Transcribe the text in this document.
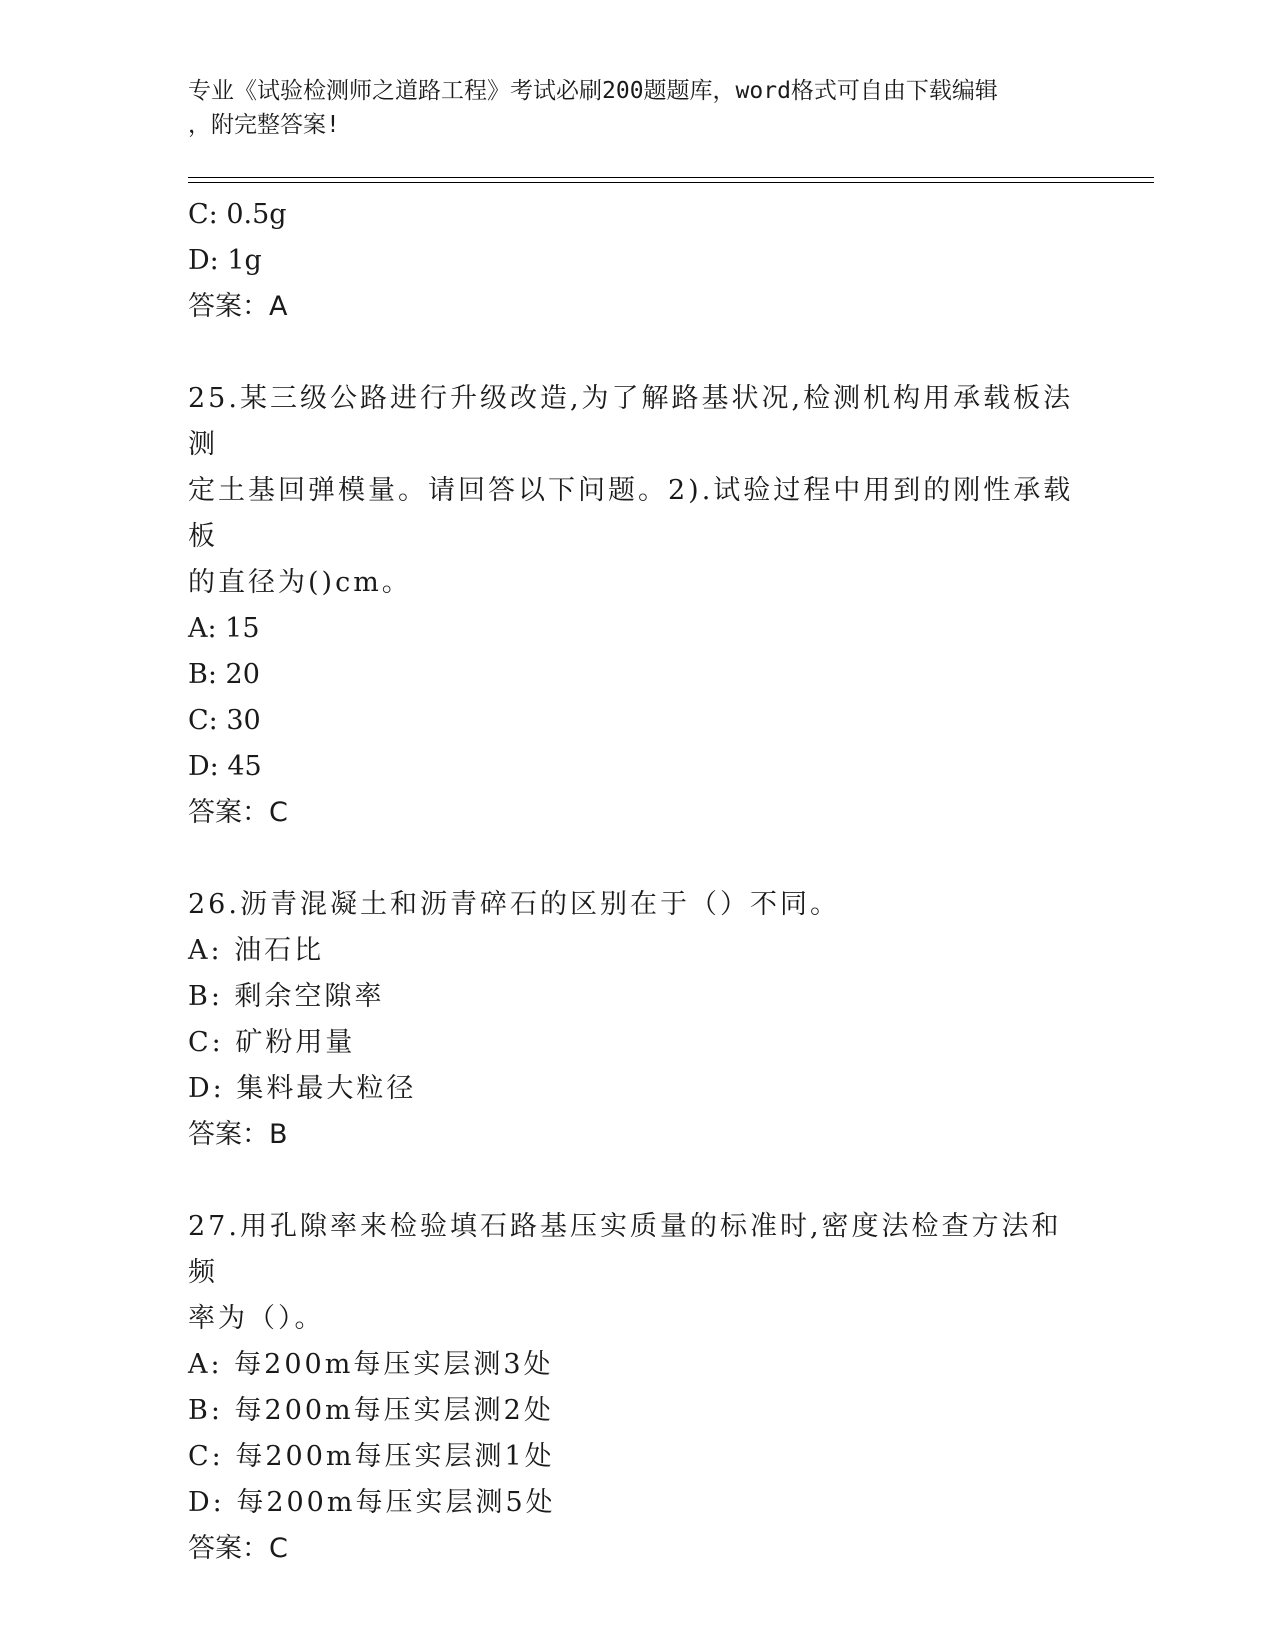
专业《试验检测师之道路工程》考试必刷200题题库，word格式可自由下载编辑
，附完整答案!
C: 0.5g
D: 1g
答案：A
25.某三级公路进行升级改造,为了解路基状况,检测机构用承载板法测
定土基回弹模量。请回答以下问题。2).试验过程中用到的刚性承载板
的直径为()cm。
A: 15
B: 20
C: 30
D: 45
答案：C
26.沥青混凝土和沥青碎石的区别在于（）不同。
A: 油石比
B: 剩余空隙率
C: 矿粉用量
D: 集料最大粒径
答案：B
27.用孔隙率来检验填石路基压实质量的标准时,密度法检查方法和频
率为（）。
A: 每200m每压实层测3处
B: 每200m每压实层测2处
C: 每200m每压实层测1处
D: 每200m每压实层测5处
答案：C
